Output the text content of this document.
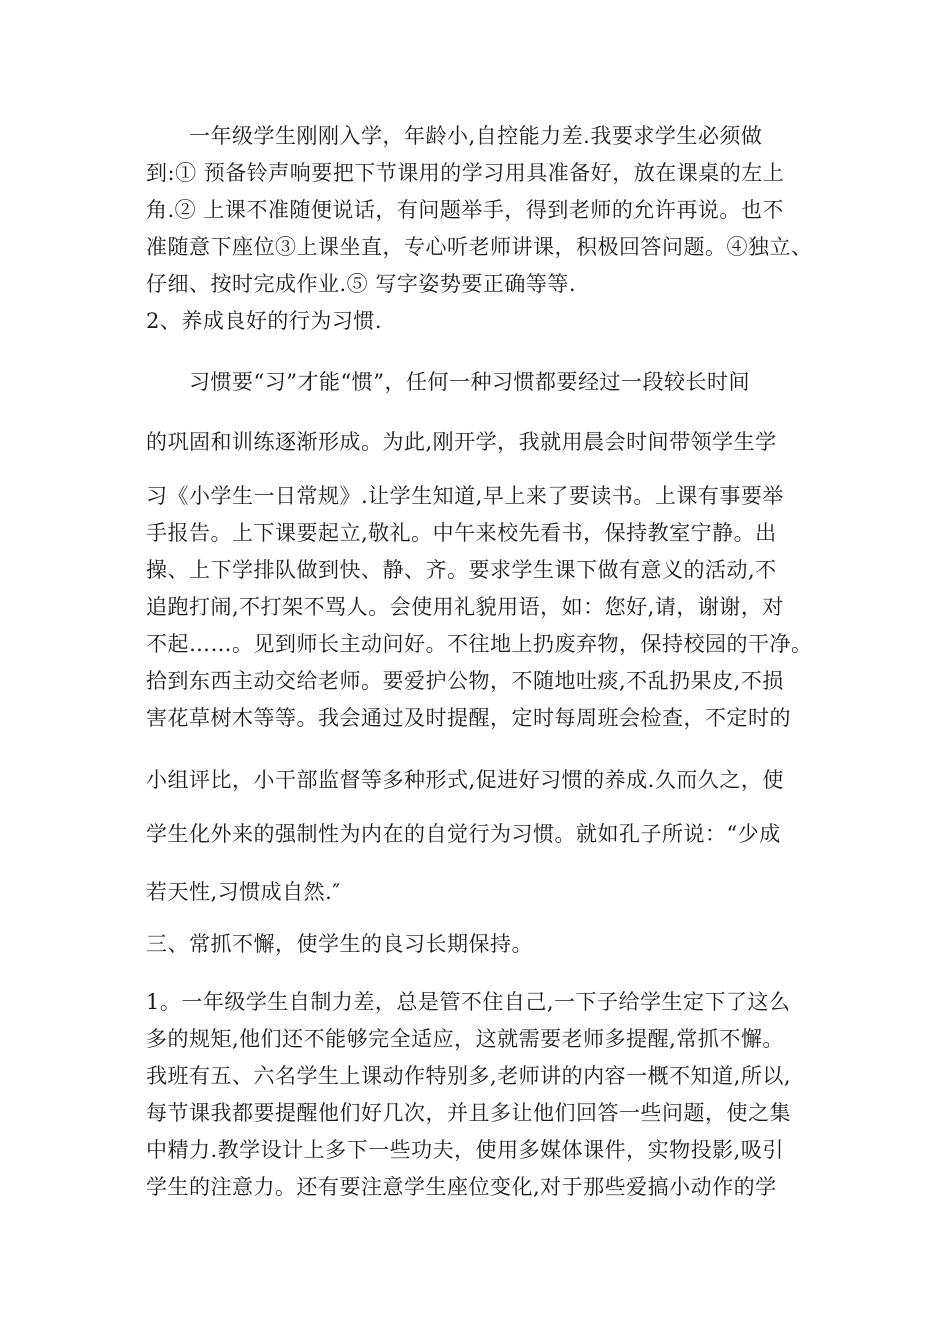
　　一年级学生刚刚入学，年龄小,自控能力差.我要求学生必须做
到:① 预备铃声响要把下节课用的学习用具准备好，放在课桌的左上
角.② 上课不准随便说话，有问题举手，得到老师的允许再说。也不
准随意下座位③上课坐直，专心听老师讲课，积极回答问题。④独立、
仔细、按时完成作业.⑤ 写字姿势要正确等等.
2、养成良好的行为习惯.
　　习惯要“习”才能“惯”，任何一种习惯都要经过一段较长时间
的巩固和训练逐渐形成。为此,刚开学，我就用晨会时间带领学生学
习《小学生一日常规》.让学生知道,早上来了要读书。上课有事要举
手报告。上下课要起立,敬礼。中午来校先看书，保持教室宁静。出
操、上下学排队做到快、静、齐。要求学生课下做有意义的活动,不
追跑打闹,不打架不骂人。会使用礼貌用语，如：您好,请，谢谢，对
不起……。见到师长主动问好。不往地上扔废弃物，保持校园的干净。
拾到东西主动交给老师。要爱护公物，不随地吐痰,不乱扔果皮,不损
害花草树木等等。我会通过及时提醒，定时每周班会检查，不定时的
小组评比，小干部监督等多种形式,促进好习惯的养成.久而久之，使
学生化外来的强制性为内在的自觉行为习惯。就如孔子所说：“少成
若天性,习惯成自然.″
三、常抓不懈，使学生的良习长期保持。
1。一年级学生自制力差，总是管不住自己,一下子给学生定下了这么
多的规矩,他们还不能够完全适应，这就需要老师多提醒,常抓不懈。
我班有五、六名学生上课动作特别多,老师讲的内容一概不知道,所以,
每节课我都要提醒他们好几次，并且多让他们回答一些问题，使之集
中精力.教学设计上多下一些功夫，使用多媒体课件，实物投影,吸引
学生的注意力。还有要注意学生座位变化,对于那些爱搞小动作的学
